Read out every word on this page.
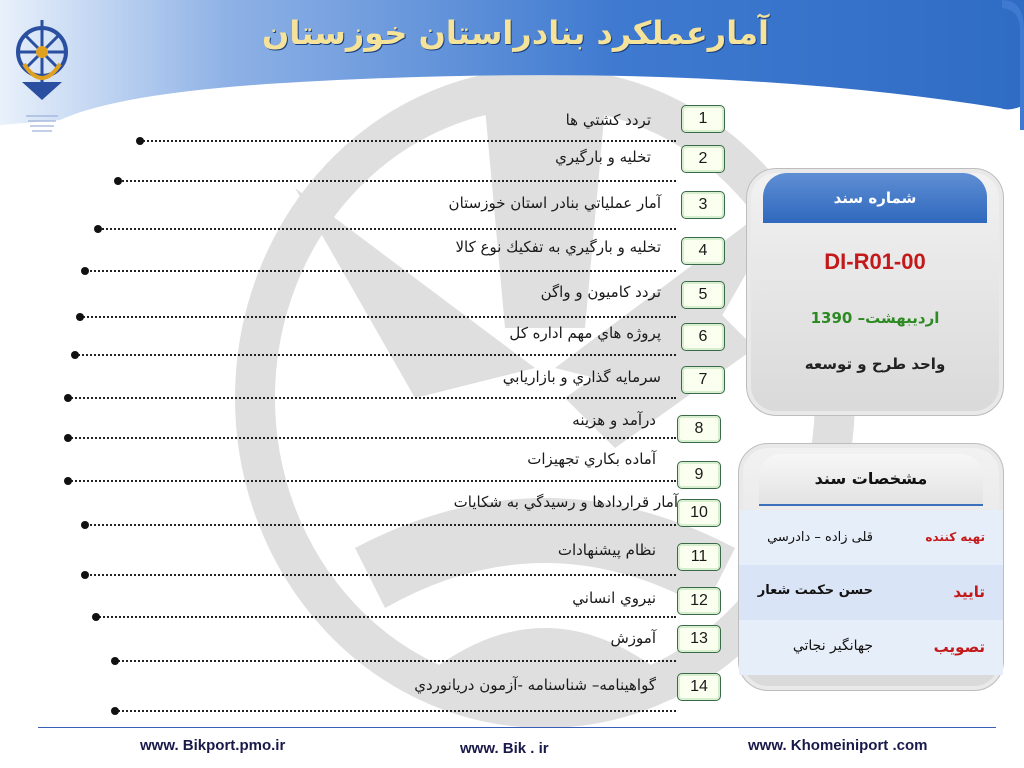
آمارعملکرد بنادراستان خوزستان
1
تردد کشتي ها
2
تخليه و بارگيري
3
آمار عملياتي بنادر استان خوزستان
4
تخليه و بارگيري به تفکيك نوع كالا
5
تردد کاميون و واگن
6
پروژه هاي مهم اداره کل
7
سرمايه گذاري و بازاريابي
8
درآمد و هزينه
9
آماده بکاري تجهيزات
10
آمار قراردادها و رسيدگي به شکايات
11
نظام پيشنهادات
12
نيروي انساني
13
آموزش
14
گواهينامه– شناسنامه -آزمون دريانوردي
شماره سند
DI-R01-00
ارديبهشت– 1390
واحد طرح و توسعه
مشخصات سند
تهيه کننده
قلی زاده – دادرسي
تاييد
حسن حکمت شعار
تصويب
جهانگير نجاتي
www. Bikport.pmo.ir	www. Bik . ir	www. Khomeiniport .com
